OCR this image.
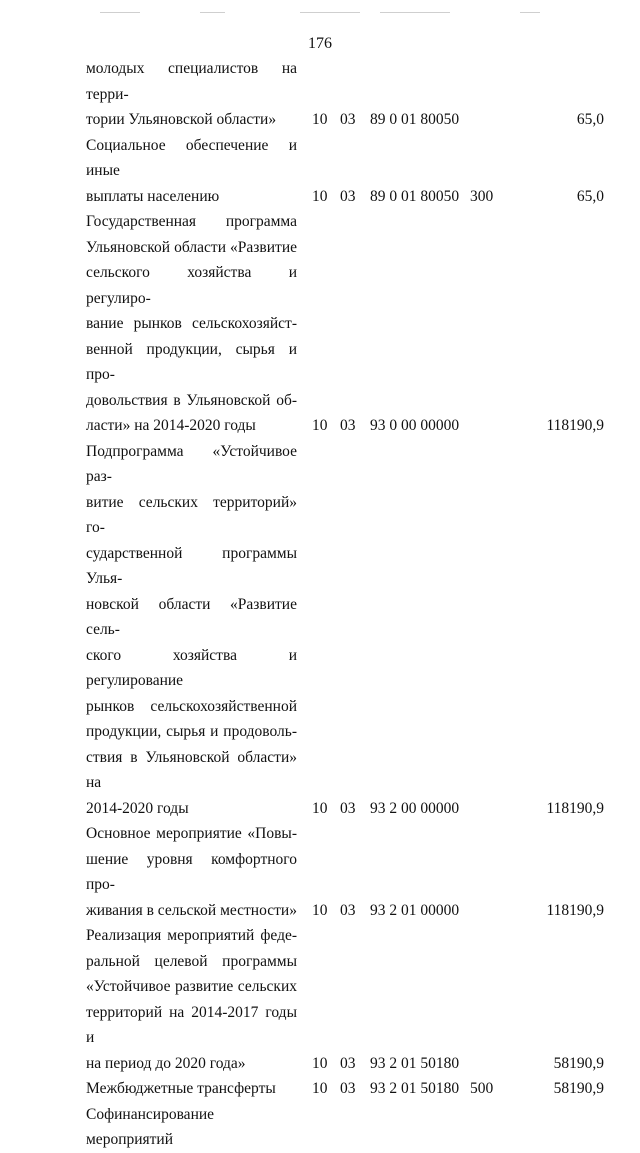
176
молодых специалистов на терри-
тории Ульяновской области»	10 03 89 0 01 80050	65,0
Социальное обеспечение и иные
выплаты населению	10 03 89 0 01 80050 300	65,0
Государственная программа
Ульяновской области «Развитие
сельского хозяйства и регулиро-
вание рынков сельскохозяйст-
венной продукции, сырья и про-
довольствия в Ульяновской об-
ласти» на 2014-2020 годы	10 03 93 0 00 00000	118190,9
Подпрограмма «Устойчивое раз-
витие сельских территорий» го-
сударственной программы Улья-
новской области «Развитие сель-
ского хозяйства и регулирование
рынков сельскохозяйственной
продукции, сырья и продоволь-
ствия в Ульяновской области» на
2014-2020 годы	10 03 93 2 00 00000	118190,9
Основное мероприятие «Повы-
шение уровня комфортного про-
живания в сельской местности» 10 03 93 2 01 00000	118190,9
Реализация мероприятий феде-
ральной целевой программы
«Устойчивое развитие сельских
территорий на 2014-2017 годы и
на период до 2020 года»	10 03 93 2 01 50180	58190,9
Межбюджетные трансферты	10 03 93 2 01 50180 500	58190,9
Софинансирование мероприятий
